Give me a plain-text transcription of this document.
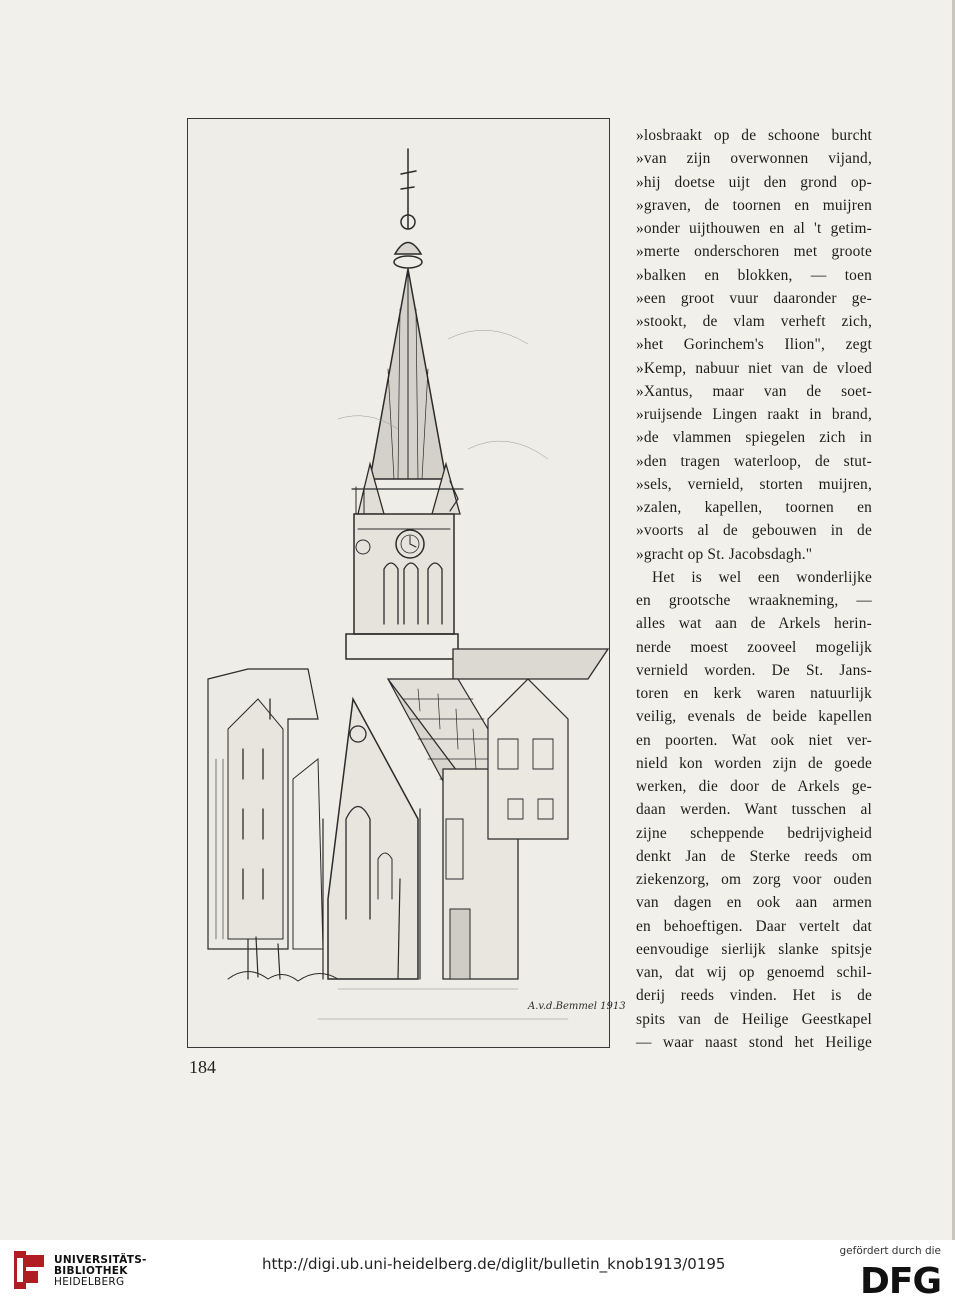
A.v.d.Bemmel 1913
»losbraakt op de schoone burcht
»van zijn overwonnen vijand,
»hij doetse uijt den grond op-
»graven, de toornen en muijren
»onder uijthouwen en al 't getim-
»merte onderschoren met groote
»balken en blokken, — toen
»een groot vuur daaronder ge-
»stookt, de vlam verheft zich,
»het Gorinchem's Ilion", zegt
»Kemp, nabuur niet van de vloed
»Xantus, maar van de soet-
»ruijsende Lingen raakt in brand,
»de vlammen spiegelen zich in
»den tragen waterloop, de stut-
»sels, vernield, storten muijren,
»zalen, kapellen, toornen en
»voorts al de gebouwen in de
»gracht op St. Jacobsdagh."
Het is wel een wonderlijke
en grootsche wraakneming, —
alles wat aan de Arkels herin-
nerde moest zooveel mogelijk
vernield worden. De St. Jans-
toren en kerk waren natuurlijk
veilig, evenals de beide kapellen
en poorten. Wat ook niet ver-
nield kon worden zijn de goede
werken, die door de Arkels ge-
daan werden. Want tusschen al
zijne scheppende bedrijvigheid
denkt Jan de Sterke reeds om
ziekenzorg, om zorg voor ouden
van dagen en ook aan armen
en behoeftigen. Daar vertelt dat
eenvoudige sierlijk slanke spitsje
van, dat wij op genoemd schil-
derij reeds vinden. Het is de
spits van de Heilige Geestkapel
— waar naast stond het Heilige
184
UNIVERSITÄTS-
BIBLIOTHEK
HEIDELBERG
http://digi.ub.uni-heidelberg.de/diglit/bulletin_knob1913/0195
gefördert durch die
DFG
